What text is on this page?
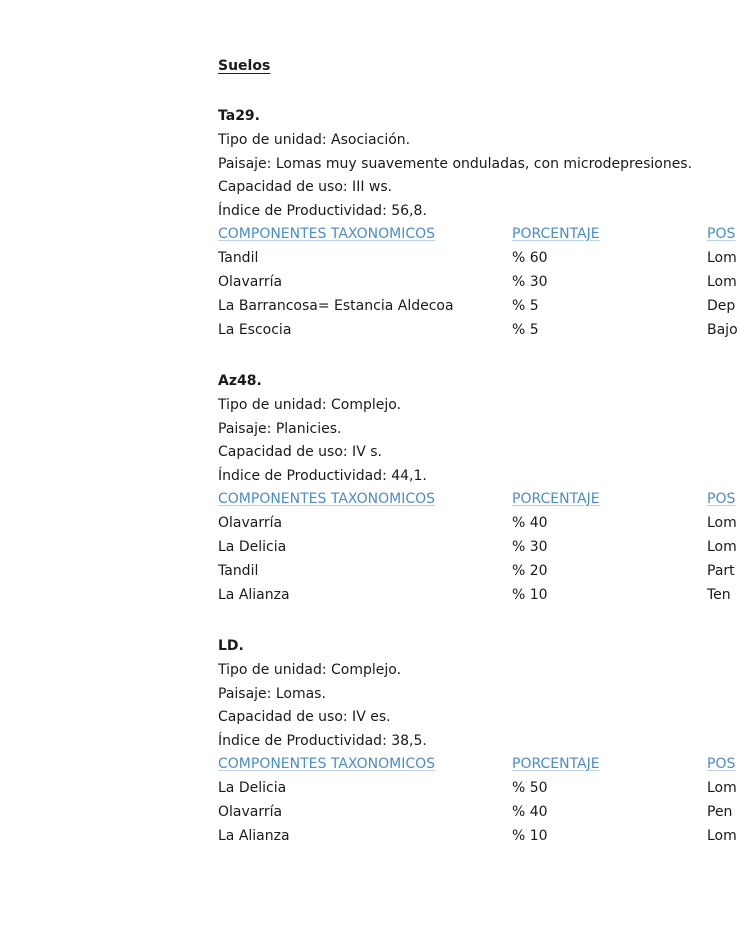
Suelos
Ta29.
Tipo de unidad: Asociación.
Paisaje: Lomas muy suavemente onduladas, con microdepresiones.
Capacidad de uso: III ws.
Índice de Productividad: 56,8.
COMPONENTES TAXONOMICOS	PORCENTAJE	POS
Tandil	% 60	Lom
Olavarría	% 30	Lom
La Barrancosa= Estancia Aldecoa	% 5	Dep
La Escocia	% 5	Bajo
Az48.
Tipo de unidad: Complejo.
Paisaje: Planicies.
Capacidad de uso: IV s.
Índice de Productividad: 44,1.
COMPONENTES TAXONOMICOS	PORCENTAJE	POS
Olavarría	% 40	Lom
La Delicia	% 30	Lom
Tandil	% 20	Part
La Alianza	% 10	Ten
LD.
Tipo de unidad: Complejo.
Paisaje: Lomas.
Capacidad de uso: IV es.
Índice de Productividad: 38,5.
COMPONENTES TAXONOMICOS	PORCENTAJE	POS
La Delicia	% 50	Lom
Olavarría	% 40	Pen
La Alianza	% 10	Lom
